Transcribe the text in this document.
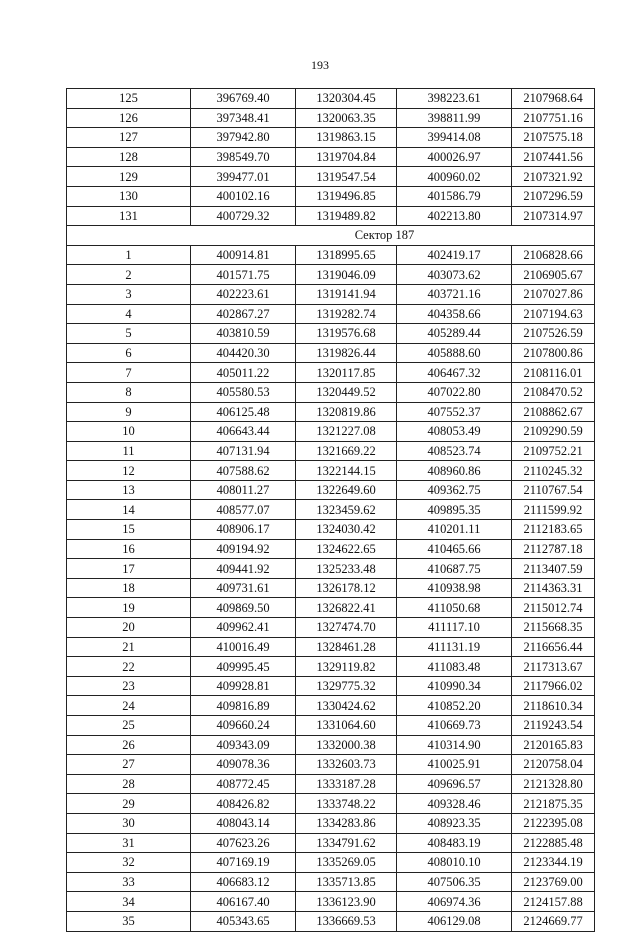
193
125	396769.40	1320304.45	398223.61	2107968.64
126	397348.41	1320063.35	398811.99	2107751.16
127	397942.80	1319863.15	399414.08	2107575.18
128	398549.70	1319704.84	400026.97	2107441.56
129	399477.01	1319547.54	400960.02	2107321.92
130	400102.16	1319496.85	401586.79	2107296.59
131	400729.32	1319489.82	402213.80	2107314.97
Сектор 187				
1	400914.81	1318995.65	402419.17	2106828.66
2	401571.75	1319046.09	403073.62	2106905.67
3	402223.61	1319141.94	403721.16	2107027.86
4	402867.27	1319282.74	404358.66	2107194.63
5	403810.59	1319576.68	405289.44	2107526.59
6	404420.30	1319826.44	405888.60	2107800.86
7	405011.22	1320117.85	406467.32	2108116.01
8	405580.53	1320449.52	407022.80	2108470.52
9	406125.48	1320819.86	407552.37	2108862.67
10	406643.44	1321227.08	408053.49	2109290.59
11	407131.94	1321669.22	408523.74	2109752.21
12	407588.62	1322144.15	408960.86	2110245.32
13	408011.27	1322649.60	409362.75	2110767.54
14	408577.07	1323459.62	409895.35	2111599.92
15	408906.17	1324030.42	410201.11	2112183.65
16	409194.92	1324622.65	410465.66	2112787.18
17	409441.92	1325233.48	410687.75	2113407.59
18	409731.61	1326178.12	410938.98	2114363.31
19	409869.50	1326822.41	411050.68	2115012.74
20	409962.41	1327474.70	411117.10	2115668.35
21	410016.49	1328461.28	411131.19	2116656.44
22	409995.45	1329119.82	411083.48	2117313.67
23	409928.81	1329775.32	410990.34	2117966.02
24	409816.89	1330424.62	410852.20	2118610.34
25	409660.24	1331064.60	410669.73	2119243.54
26	409343.09	1332000.38	410314.90	2120165.83
27	409078.36	1332603.73	410025.91	2120758.04
28	408772.45	1333187.28	409696.57	2121328.80
29	408426.82	1333748.22	409328.46	2121875.35
30	408043.14	1334283.86	408923.35	2122395.08
31	407623.26	1334791.62	408483.19	2122885.48
32	407169.19	1335269.05	408010.10	2123344.19
33	406683.12	1335713.85	407506.35	2123769.00
34	406167.40	1336123.90	406974.36	2124157.88
35	405343.65	1336669.53	406129.08	2124669.77
